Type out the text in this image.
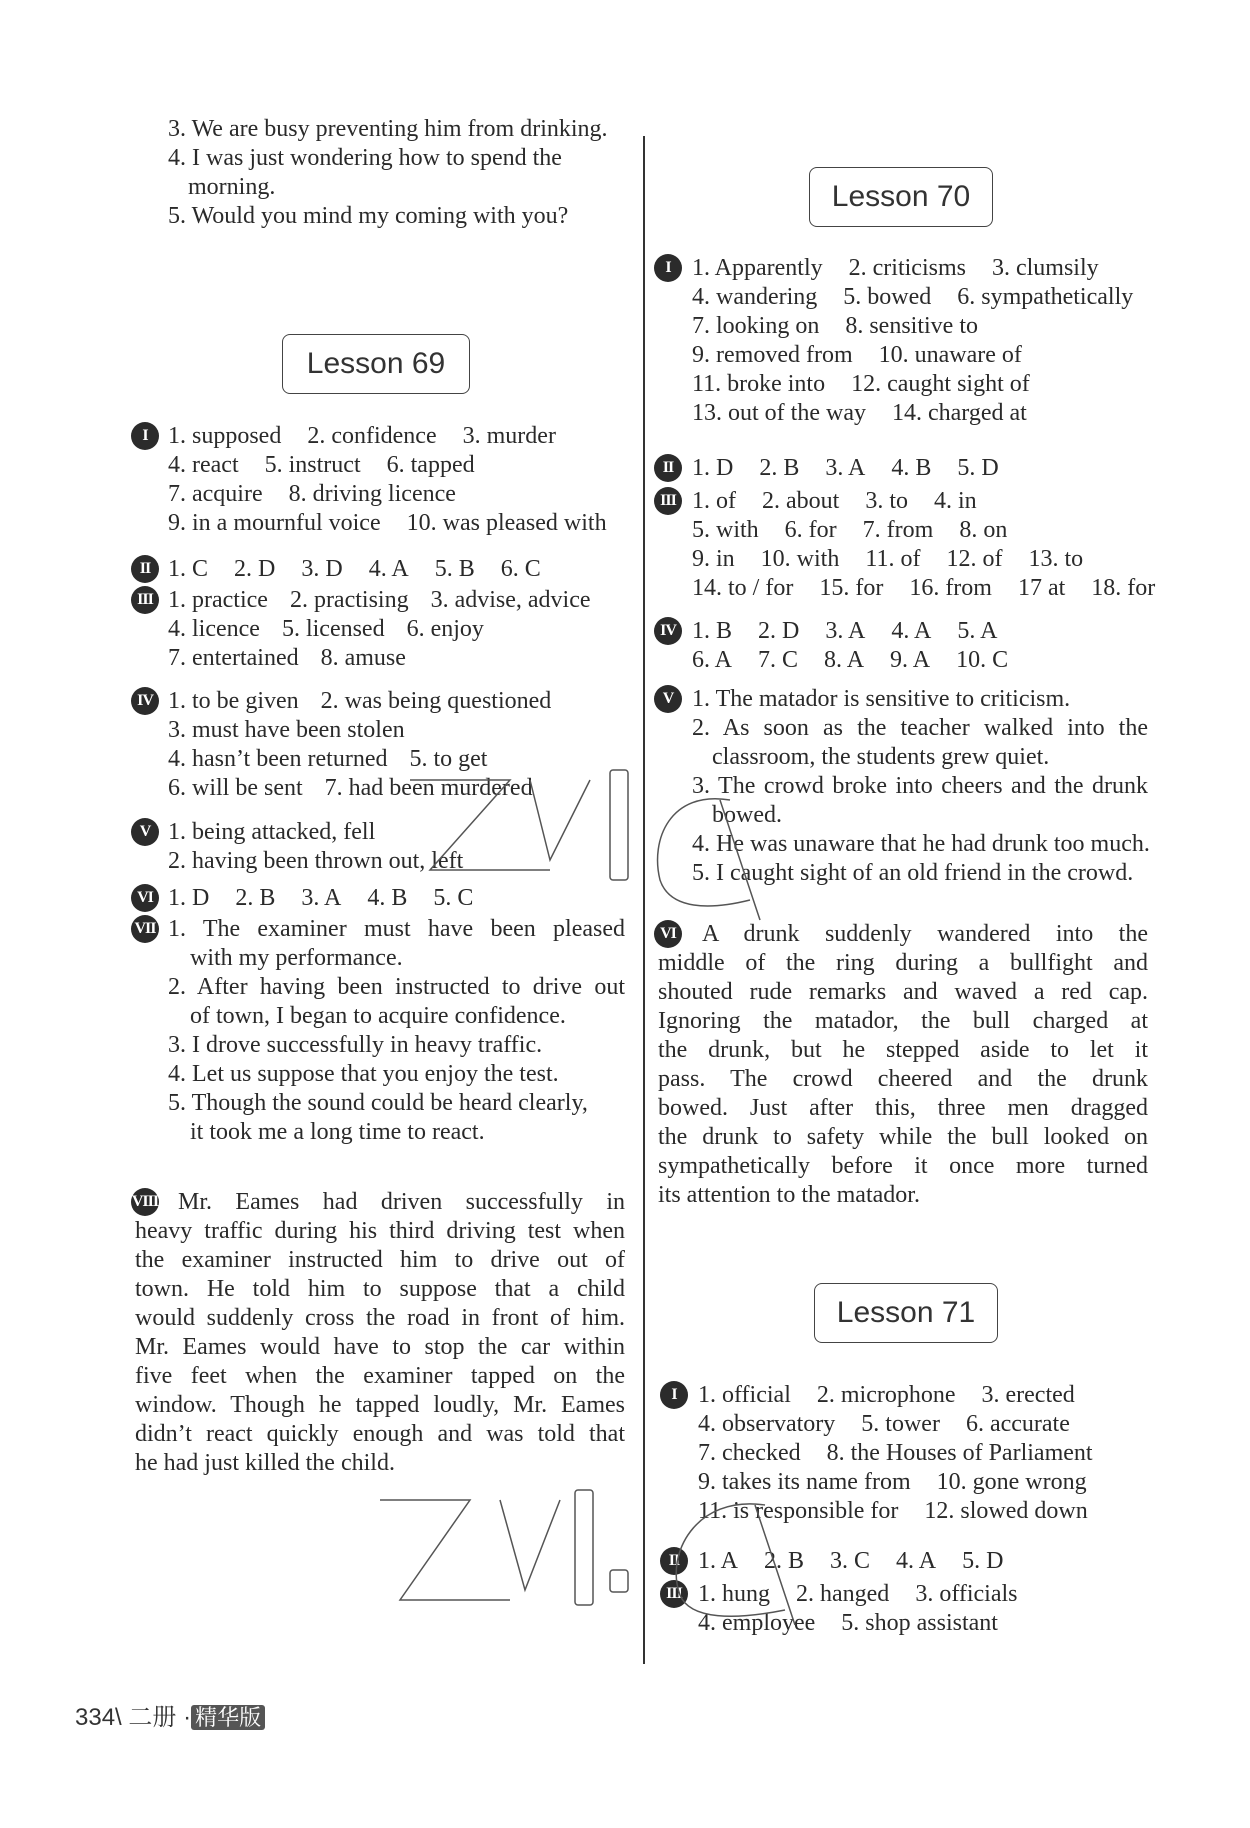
3. We are busy preventing him from drinking.
4. I was just wondering how to spend the
morning.
5. Would you mind my coming with you?
Lesson 69
I 1. supposed 2. confidence 3. murder
4. react 5. instruct 6. tapped
7. acquire 8. driving licence
9. in a mournful voice 10. was pleased with
II 1. C 2. D 3. D 4. A 5. B 6. C
III 1. practice 2. practising 3. advise, advice
4. licence 5. licensed 6. enjoy
7. entertained 8. amuse
IV 1. to be given 2. was being questioned
3. must have been stolen
4. hasn’t been returned 5. to get
6. will be sent 7. had been murdered
V 1. being attacked, fell
2. having been thrown out, left
VI 1. D 2. B 3. A 4. B 5. C
VII 1. The examiner must have been pleased
with my performance.
2. After having been instructed to drive out
of town, I began to acquire confidence.
3. I drove successfully in heavy traffic.
4. Let us suppose that you enjoy the test.
5. Though the sound could be heard clearly,
it took me a long time to react.
VIII Mr. Eames had driven successfully in
heavy traffic during his third driving test when
the examiner instructed him to drive out of
town. He told him to suppose that a child
would suddenly cross the road in front of him.
Mr. Eames would have to stop the car within
five feet when the examiner tapped on the
window. Though he tapped loudly, Mr. Eames
didn’t react quickly enough and was told that
he had just killed the child.
Lesson 70
I 1. Apparently 2. criticisms 3. clumsily
4. wandering 5. bowed 6. sympathetically
7. looking on 8. sensitive to
9. removed from 10. unaware of
11. broke into 12. caught sight of
13. out of the way 14. charged at
II 1. D 2. B 3. A 4. B 5. D
III 1. of 2. about 3. to 4. in
5. with 6. for 7. from 8. on
9. in 10. with 11. of 12. of 13. to
14. to / for 15. for 16. from 17 at 18. for
IV 1. B 2. D 3. A 4. A 5. A
6. A 7. C 8. A 9. A 10. C
V 1. The matador is sensitive to criticism.
2. As soon as the teacher walked into the
classroom, the students grew quiet.
3. The crowd broke into cheers and the drunk
bowed.
4. He was unaware that he had drunk too much.
5. I caught sight of an old friend in the crowd.
VI A drunk suddenly wandered into the
middle of the ring during a bullfight and
shouted rude remarks and waved a red cap.
Ignoring the matador, the bull charged at
the drunk, but he stepped aside to let it
pass. The crowd cheered and the drunk
bowed. Just after this, three men dragged
the drunk to safety while the bull looked on
sympathetically before it once more turned
its attention to the matador.
Lesson 71
I 1. official 2. microphone 3. erected
4. observatory 5. tower 6. accurate
7. checked 8. the Houses of Parliament
9. takes its name from 10. gone wrong
11. is responsible for 12. slowed down
II 1. A 2. B 3. C 4. A 5. D
III 1. hung 2. hanged 3. officials
4. employee 5. shop assistant
334\ 二册 · 精华版
